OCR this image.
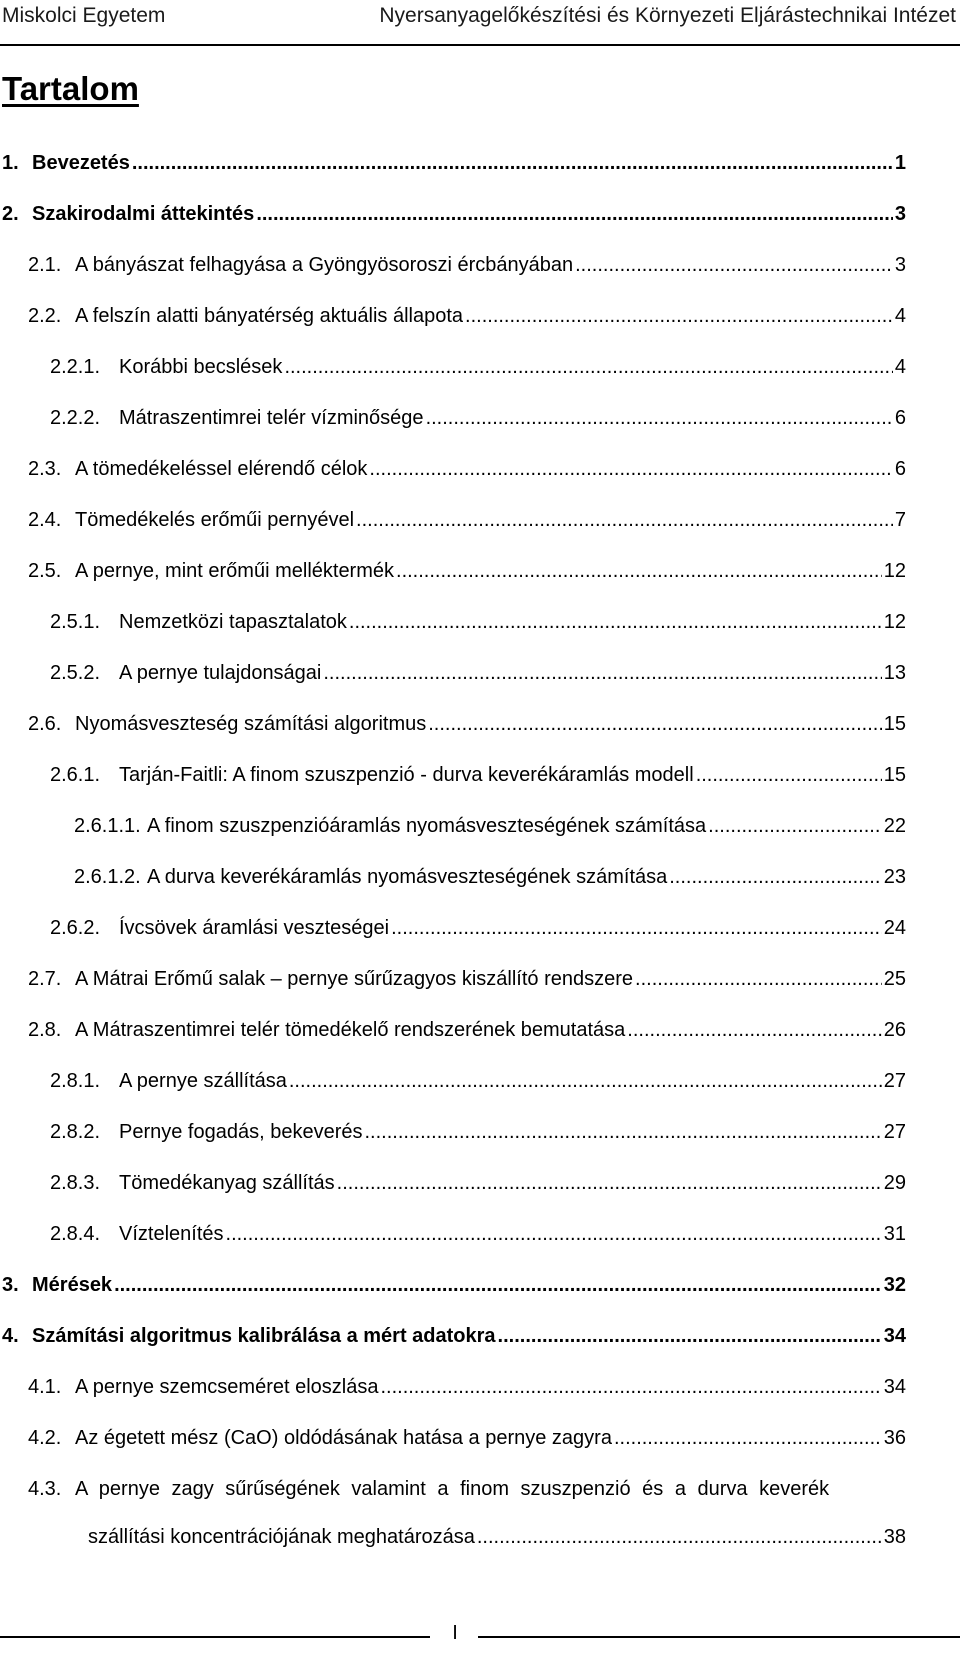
Miskolci Egyetem	Nyersanyagelőkészítési és Környezeti Eljárástechnikai Intézet
Tartalom
1. Bevezetés .....	1
2. Szakirodalmi áttekintés .....	3
2.1. A bányászat felhagyása a Gyöngyösoroszi ércbányában .....	3
2.2. A felszín alatti bányatérség aktuális állapota .....	4
2.2.1. Korábbi becslések .....	4
2.2.2. Mátraszentimrei telér vízminősége .....	6
2.3. A tömedékeléssel elérendő célok .....	6
2.4. Tömedékelés erőműi pernyével .....	7
2.5. A pernye, mint erőműi melléktermék .....	12
2.5.1. Nemzetközi tapasztalatok .....	12
2.5.2. A pernye tulajdonságai .....	13
2.6. Nyomásveszteség számítási algoritmus .....	15
2.6.1. Tarján-Faitli: A finom szuszpenzió - durva keverékáramlás modell .....	15
2.6.1.1. A finom szuszpenzióáramlás nyomásveszteségének számítása .....	22
2.6.1.2. A durva keverékáramlás nyomásveszteségének számítása .....	23
2.6.2. Ívcsövek áramlási veszteségei .....	24
2.7. A Mátrai Erőmű salak – pernye sűrűzagyos kiszállító rendszere .....	25
2.8. A Mátraszentimrei telér tömedékelő rendszerének bemutatása .....	26
2.8.1. A pernye szállítása .....	27
2.8.2. Pernye fogadás, bekeverés .....	27
2.8.3. Tömedékanyag szállítás .....	29
2.8.4. Víztelenítés .....	31
3. Mérések .....	32
4. Számítási algoritmus kalibrálása a mért adatokra .....	34
4.1. A pernye szemcseméret eloszlása .....	34
4.2. Az égetett mész (CaO) oldódásának hatása a pernye zagyra .....	36
4.3. A pernye zagy sűrűségének valamint a finom szuszpenzió és a durva keverék
szállítási koncentrációjának meghatározása .....	38
I
